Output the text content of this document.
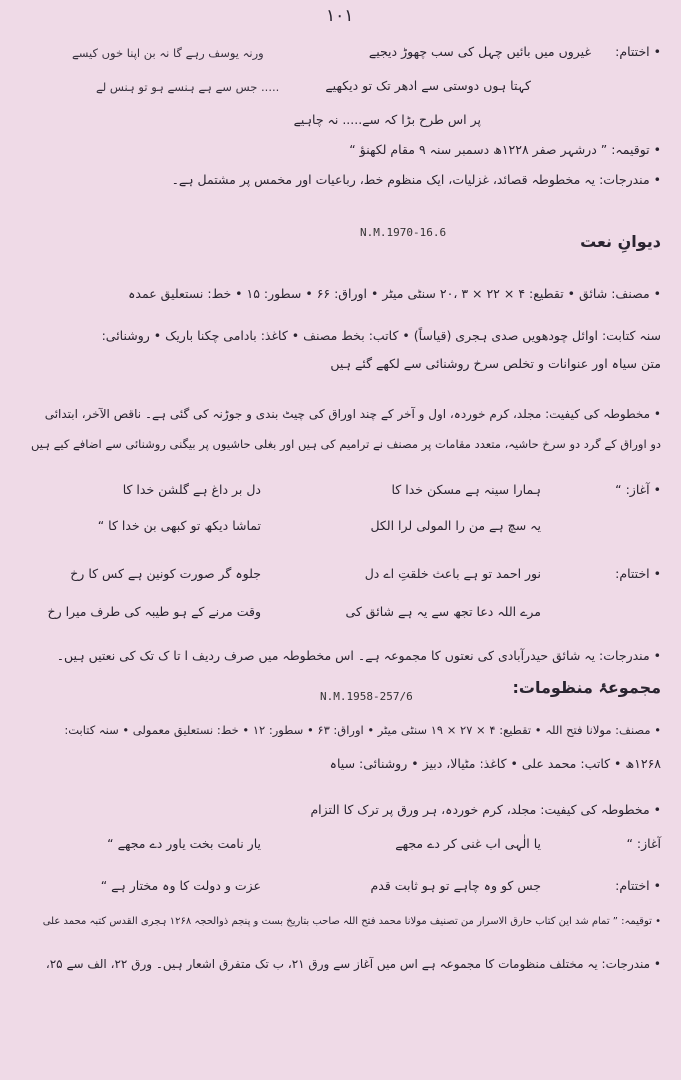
۱۰۱
ورنہ یوسف رہے گا نہ بن اپنا خوں کیسے
..... جس سے ہے ہنسے ہو تو ہنس لے
• اختتام:
غیروں میں بائیں چہل کی سب چھوڑ دیجیے
کہتا ہوں دوستی سے ادھر تک تو دیکھیے
پر اس طرح بڑا کہ سے..... نہ چاہیے
• توقیمہ: ” درشہر صفر ۱۲۲۸ھ دسمبر سنہ ۹ مقام لکھنؤ “
• مندرجات: یہ مخطوطہ قصائد، غزلیات، ایک منظوم خط، رباعیات اور مخمس پر مشتمل ہے۔
دیوانِ نعت
N.M.1970-16.6
• مصنف: شائق • تقطیع: ۴ × ۲۲ × ۳ ،۲۰ سنٹی میٹر • اوراق: ۶۶ • سطور: ۱۵ • خط: نستعلیق عمدہ
سنہ کتابت: اوائل چودھویں صدی ہجری (قیاساً) • کاتب: بخط مصنف • کاغذ: بادامی چکنا باریک • روشنائی:
متن سیاہ اور عنوانات و تخلص سرخ روشنائی سے لکھے گئے ہیں
• مخطوطہ کی کیفیت: مجلد، کرم خوردہ، اول و آخر کے چند اوراق کی چیٹ بندی و جوڑنہ کی گئی ہے۔ ناقص الآخر، ابتدائی
دو اوراق کے گرد دو سرخ حاشیہ، متعدد مقامات پر مصنف نے ترامیم کی ہیں اور بغلی حاشیوں پر بیگنی روشنائی سے اضافے کیے ہیں
• آغاز: “
ہمارا سینہ ہے مسکن خدا کا
دل بر داغ ہے گلشن خدا کا
یہ سچ ہے من را المولی لرا الکل
تماشا دیکھ تو کبھی بن خدا کا “
• اختتام:
نور احمد تو ہے باعث خلقتِ اے دل
جلوہ گر صورت کونین ہے کس کا رخ
مرے اللہ دعا تجھ سے یہ ہے شائق کی
وقت مرنے کے ہو طیبہ کی طرف میرا رخ
• مندرجات: یہ شائق حیدرآبادی کی نعتوں کا مجموعہ ہے۔ اس مخطوطہ میں صرف ردیف ا تا ک تک کی نعتیں ہیں۔
مجموعۂ منظومات:
N.M.1958-257/6
• مصنف: مولانا فتح اللہ • تقطیع: ۴ × ۲۷ × ۱۹ سنٹی میٹر • اوراق: ۶۳ • سطور: ۱۲ • خط: نستعلیق معمولی • سنہ کتابت:
۱۲۶۸ھ • کاتب: محمد علی • کاغذ: مٹیالا، دبیز • روشنائی: سیاہ
• مخطوطہ کی کیفیت: مجلد، کرم خوردہ، ہر ورق پر ترک کا التزام
آغاز: “
یا الٰہی اب غنی کر دے مجھے
یار نامت بخت یاور دے مجھے “
• اختتام:
جس کو وہ چاہے تو ہو ثابت قدم
عزت و دولت کا وہ مختار ہے “
• توقیمہ: ” تمام شد این کتاب حارق الاسرار من تصنیف مولانا محمد فتح اللہ صاحب بتاریخ بست و پنجم ذوالحجہ ۱۲۶۸ ہجری القدس کتبہ محمد علی
• مندرجات: یہ مختلف منظومات کا مجموعہ ہے اس میں آغاز سے ورق ۲۱، ب تک متفرق اشعار ہیں۔ ورق ۲۲، الف سے ۲۵،
